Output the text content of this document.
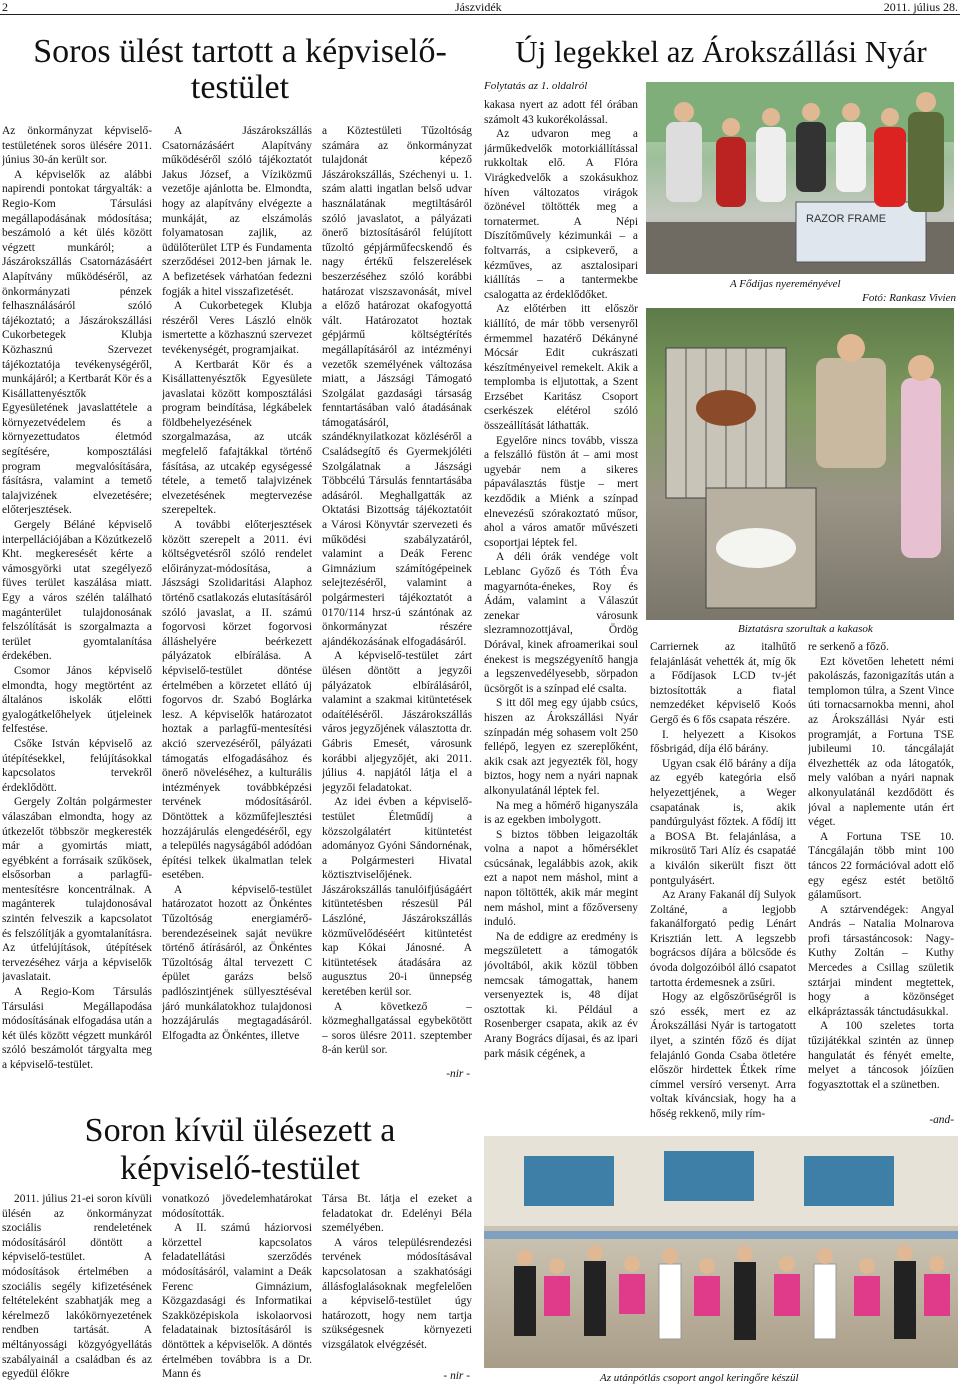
2	Jászvidék	2011. július 28.
Soros ülést tartott a képviselő-testület

Az önkormányzat képviselő-testületének soros ülésére 2011. június 30-án került sor.

A képviselők az alábbi napirendi pontokat tárgyalták: a Regio-Kom Társulási megállapodásának módosítása; beszámoló a két ülés között végzett munkáról; a Jászárokszállás Csatornázásáért Alapítvány működéséről, az önkormányzati pénzek felhasználásáról szóló tájékoztató; a Jászárokszállási Cukorbetegek Klubja Közhasznú Szervezet tájékoztatója tevékenységéről, munkájáról; a Kertbarát Kör és a Kisállattenyésztők Egyesületének javaslattétele a környezetvédelem és a környezettudatos életmód segítésére, komposztálási program megvalósítására, fásításra, valamint a temető talajvizének elvezetésére; előterjesztések.

Gergely Béláné képviselő interpellációjában a Közútkezelő Kht. megkeresését kérte a vámosgyörki utat szegélyező füves terület kaszálása miatt. Egy a város szélén található magánterület tulajdonosának felszólítását is szorgalmazta a terület gyomtalanítása érdekében.

Csomor János képviselő elmondta, hogy megtörtént az általános iskolák előtti gyalogátkelőhelyek útjeleinek felfestése.

Csőke István képviselő az útépítésekkel, felújításokkal kapcsolatos tervekről érdeklődött.

Gergely Zoltán polgármester válaszában elmondta, hogy az útkezelőt többször megkeresték már a gyomirtás miatt, egyébként a forrásaik szűkösek, elsősorban a parlagfű-mentesítésre koncentrálnak. A magánterek tulajdonosával szintén felveszik a kapcsolatot és felszólítják a gyomtalanításra. Az útfelújítások, útépítések tervezéséhez várja a képviselők javaslatait.

A Regio-Kom Társulás Társulási Megállapodása módosításának elfogadása után a két ülés között végzett munkáról szóló beszámolót tárgyalta meg a képviselő-testület.

A Jászárokszállás Csatornázásáért Alapítvány működéséről szóló tájékoztatót Jakus József, a Víziközmű vezetője ajánlotta be. Elmondta, hogy az alapítvány elvégezte a munkáját, az elszámolás folyamatosan zajlik, az üdülőterület LTP és Fundamenta szerződései 2012-ben járnak le. A befizetések várhatóan fedezni fogják a hitel visszafizetését.

A Cukorbetegek Klubja részéről Veres László elnök ismertette a közhasznú szervezet tevékenységét, programjaikat.

A Kertbarát Kör és a Kisállattenyésztők Egyesülete javaslatai között komposztálási program beindítása, légkábelek földbehelyezésének szorgalmazása, az utcák megfelelő fafajtákkal történő fásítása, az utcakép egységessé tétele, a temető talajvizének elvezetésének megtervezése szerepeltek.

A további előterjesztések között szerepelt a 2011. évi költségvetésről szóló rendelet előirányzat-módosítása, a Jászsági Szolidaritási Alaphoz történő csatlakozás elutasításáról szóló javaslat, a II. számú fogorvosi körzet fogorvosi álláshelyére beérkezett pályázatok elbírálása. A képviselő-testület döntése értelmében a körzetet ellátó új fogorvos dr. Szabó Boglárka lesz. A képviselők határozatot hoztak a parlagfű-mentesítési akció szervezéséről, pályázati támogatás elfogadásához és önerő növeléséhez, a kulturális intézmények továbbképzési tervének módosításáról. Döntöttek a közműfejlesztési hozzájárulás elengedéséről, egy a település nagyságából adódóan építési telkek ükalmatlan telek esetében.

A képviselő-testület határozatot hozott az Önkéntes Tűzoltóság energiamérő-berendezéseinek saját nevükre történő átírásáról, az Önkéntes Tűzoltóság által tervezett C épület garázs belső padlószintjének süllyesztéséval járó munkálatokhoz tulajdonosi hozzájárulás megtagadásáról. Elfogadta az Önkéntes, illetve

a Köztestületi Tűzoltóság számára az önkormányzat tulajdonát képező Jászárokszállás, Széchenyi u. 1. szám alatti ingatlan belső udvar használatának megtiltásáról szóló javaslatot, a pályázati önerő biztosításáról felújított tűzoltó gépjárműfecskendő és nagy értékű felszerelések beszerzéséhez szóló korábbi határozat viszszavonását, mivel a előző határozat okafogyottá vált. Határozatot hoztak gépjármű költségtérítés megállapításáról az intézményi vezetők személyének változása miatt, a Jászsági Támogató Szolgálat gazdasági társaság fenntartásában való átadásának támogatásáról, szándéknyilatkozat közléséről a Családsegítő és Gyermekjóléti Szolgálatnak a Jászsági Többcélú Társulás fenntartásába adásáról. Meghallgatták az Oktatási Bizottság tájékoztatóit a Városi Könyvtár szervezeti és működési szabályzatáról, valamint a Deák Ferenc Gimnázium számítógépeinek selejtezéséről, valamint a polgármesteri tájékoztatót a 0170/114 hrsz-ú szántónak az önkormányzat részére ajándékozásának elfogadásáról.

A képviselő-testület zárt ülésen döntött a jegyzői pályázatok elbírálásáról, valamint a szakmai kitüntetések odaítéléséről. Jászárokszállás város jegyzőjének választotta dr. Gábris Emesét, városunk korábbi aljegyzőjét, aki 2011. július 4. napjától látja el a jegyzői feladatokat.

Az idei évben a képviselő-testület Életműdíj a közszolgálatért kitüntetést adományoz Gyóni Sándornénak, a Polgármesteri Hivatal köztisztviselőjének. Jászárokszállás tanulóifjúságáért kitüntetésben részesül Pál Lászlóné, Jászárokszállás közművelődéséért kitüntetést kap Kókai Jánosné. A kitüntetések átadására az augusztus 20-i ünnepség keretében kerül sor.

A következő – közmeghallgatással egybekötött – soros ülésre 2011. szeptember 8-án kerül sor.

-nir -
Soron kívül ülésezett a képviselő-testület

2011. július 21-ei soron kívüli ülésén az önkormányzat szociális rendeletének módosításáról döntött a képviselő-testület. A módosítások értelmében a szociális segély kifizetésének feltételeként szabhatják meg a kérelmező lakókörnyezetének rendben tartását. A méltányossági közgyógyellátás szabályainál a családban és az egyedül élőkre

vonatkozó jövedelemhatárokat módosították.

A II. számú háziorvosi körzettel kapcsolatos feladatellátási szerződés módosításáról, valamint a Deák Ferenc Gimnázium, Közgazdasági és Informatikai Szakközépiskola iskolaorvosi feladatainak biztosításáról is döntöttek a képviselők. A döntés értelmében továbbra is a Dr. Mann és

Társa Bt. látja el ezeket a feladatokat dr. Edelényi Béla személyében.

A város településrendezési tervének módosításával kapcsolatosan a szakhatósági állásfoglalásoknak megfelelően a képviselő-testület úgy határozott, hogy nem tartja szükségesnek környezeti vizsgálatok elvégzését.

- nir -
Új legekkel az Árokszállási Nyár
Folytatás az 1. oldalról

kakasa nyert az adott fél órában számolt 43 kukorékolással.

Az udvaron meg a járműkedvelők motorkiállítással rukkoltak elő. A Flóra Virágkedvelők a szokásukhoz híven változatos virágok özönével töltötték meg a tornatermet. A Népi Díszítőművely kézimunkái – a foltvarrás, a csipkeverő, a kézműves, az asztalosipari kiállítás – a tantermekbe csalogatta az érdeklődőket.

Az előtérben itt először kiállító, de már több versenyről érmemmel hazatérő Dékányné Mócsár Edit cukrászati készítményeivel remekelt. Akik a templomba is eljutottak, a Szent Erzsébet Karitász Csoport cserkészek elétérol szóló összeállítását láthatták.

Egyelőre nincs tovább, vissza a felszálló füstön át – ami most ugyebár nem a sikeres pápaválasztás füstje – mert kezdődik a Miénk a színpad elnevezésű szórakoztató műsor, ahol a város amatőr művészeti csoportjai léptek fel.

A déli órák vendége volt Leblanc Győző és Tóth Éva magyarnóta-énekes, Roy és Ádám, valamint a Válaszút zenekar városunk slezramnozottjával, Ördög Dórával, kinek afroamerikai soul énekest is megszégyenítő hangja a legszenvedélyesebb, sörpadon ücsörgőt is a színpad elé csalta.

S itt dől meg egy újabb csúcs, hiszen az Árokszállási Nyár színpadán még sohasem volt 250 fellépő, legyen ez szereplőként, akik csak azt jegyezték föl, hogy biztos, hogy nem a nyári napnak alkonyulatánál léptek fel.

Na meg a hőmérő higanyszála is az egekben imbolygott.

S biztos többen leigazolták volna a napot a hőmérséklet csúcsának, legalábbis azok, akik ezt a napot nem máshol, mint a napon töltötték, akik már megint nem máshol, mint a főzőverseny induló.

Na de eddigre az eredmény is megszületett a támogatók jóvoltából, akik közül többen nemcsak támogattak, hanem versenyeztek is, 48 díjat osztottak ki. Például a Rosenberger csapata, akik az év Arany Bogrács díjasai, és az ipari park másik cégének, a

RAZOR FRAME
A Fődíjas nyereményével
Fotó: Rankasz Vivien
Biztatásra szorultak a kakasok

Carriernek az italhűtő felajánlását vehették át, míg ők a Fődíjasok LCD tv-jét biztosították a fiatal nemzedéket képviselő Koós Gergő és 6 fős csapata részére.

I. helyezett a Kisokos fősbrigád, díja élő bárány.

Ugyan csak élő bárány a díja az egyéb kategória első helyezettjének, a Weger csapatának is, akik pandúrgulyást főztek. A fődíj itt a BOSA Bt. felajánlása, a mikrosütő Tari Alíz és csapatáé a kiválón sikerült fiszt ött pontgulyásért.

Az Arany Fakanál díj Sulyok Zoltáné, a legjobb fakanálforgató pedig Lénárt Krisztián lett. A legszebb bográcsos díjára a bölcsőde és óvoda dolgozóiból álló csapatot tartotta érdemesnek a zsűri.

Hogy az elgőszörűségről is szó essék, mert ez az Árokszállási Nyár is tartogatott ilyet, a szintén főző és díjat felajánló Gonda Csaba ötletére először hirdettek Étkek ríme címmel versíró versenyt. Arra voltak kíváncsiak, hogy ha a hőség rekkenő, mily rím-

re serkenő a főző.

Ezt követően lehetett némi pakolászás, fazonigazítás után a templomon túlra, a Szent Vince úti tornacsarnokba menni, ahol az Árokszállási Nyár esti programját, a Fortuna TSE jubileumi 10. táncgálaját élvezhették az oda látogatók, mely valóban a nyári napnak alkonyulatánál kezdődött és jóval a naplemente után ért véget.

A Fortuna TSE 10. Táncgálaján több mint 100 táncos 22 formációval adott elő egy egész estét betöltő gálaműsort.

A sztárvendégek: Angyal András – Natalia Molnarova profi társastáncosok: Nagy-Kuthy Zoltán – Kuthy Mercedes a Csillag születik sztárjai mindent megtettek, hogy a közönséget elkápráztassák tánctudásukkal.

A 100 szeletes torta tűzijátékkal szintén az ünnep hangulatát és fényét emelte, melyet a táncosok jóízűen fogyasztottak el a szünetben.

-and-
Az utánpótlás csoport angol keringőre készül
